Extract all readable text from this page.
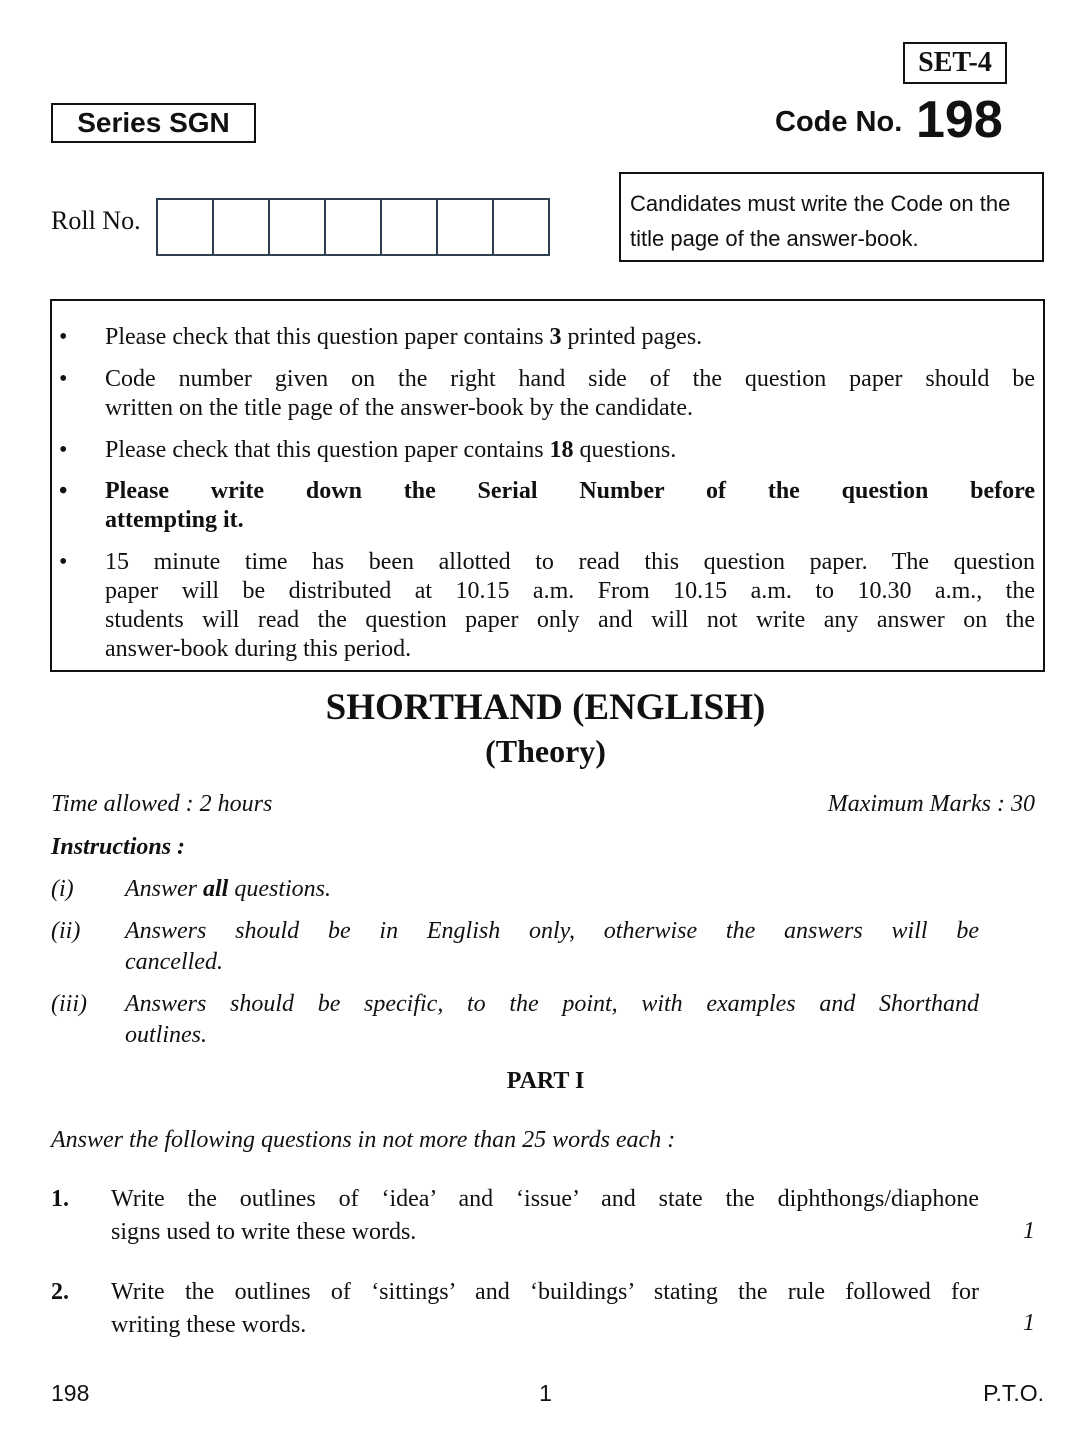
SET-4
Series SGN	Code No. 198
Roll No.
Candidates must write the Code on the
title page of the answer-book.
• Please check that this question paper contains 3 printed pages.
• Code number given on the right hand side of the question paper should be
written on the title page of the answer-book by the candidate.
• Please check that this question paper contains 18 questions.
• Please write down the Serial Number of the question before
attempting it.
• 15 minute time has been allotted to read this question paper. The question
paper will be distributed at 10.15 a.m. From 10.15 a.m. to 10.30 a.m., the
students will read the question paper only and will not write any answer on the
answer-book during this period.
SHORTHAND (ENGLISH)
(Theory)
Time allowed : 2 hours	Maximum Marks : 30
Instructions :
(i) Answer all questions.
(ii) Answers should be in English only, otherwise the answers will be
cancelled.
(iii) Answers should be specific, to the point, with examples and Shorthand
outlines.
PART I
Answer the following questions in not more than 25 words each :
1. Write the outlines of ‘idea’ and ‘issue’ and state the diphthongs/diaphone
signs used to write these words.	1
2. Write the outlines of ‘sittings’ and ‘buildings’ stating the rule followed for
writing these words.	1
198	1	P.T.O.
